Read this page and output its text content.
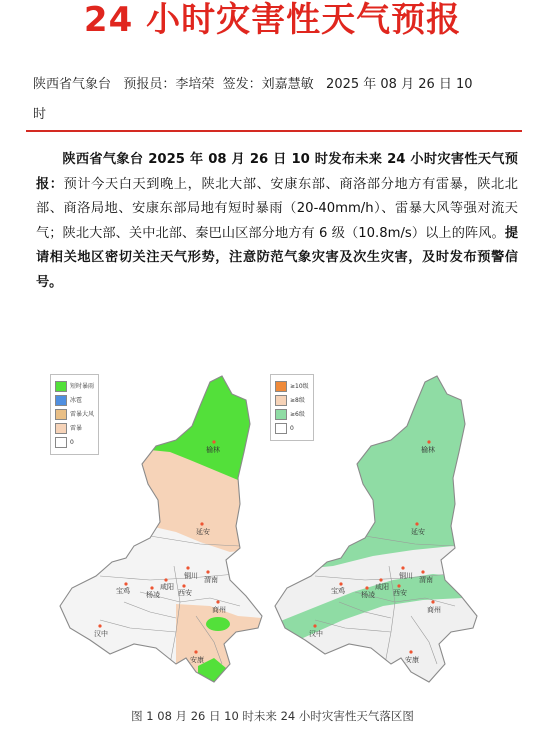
24 小时灾害性天气预报
陕西省气象台   预报员：李培荣  签发：刘嘉慧敏   2025 年 08 月 26 日 10
时
陕西省气象台 2025 年 08 月 26 日 10 时发布未来 24 小时灾害性天气预报：预计今天白天到晚上，陕北大部、安康东部、商洛部分地方有雷暴，陕北北部、商洛局地、安康东部局地有短时暴雨（20-40mm/h）、雷暴大风等强对流天气；陕北大部、关中北部、秦巴山区部分地方有 6 级（10.8m/s）以上的阵风。提请相关地区密切关注天气形势，注意防范气象灾害及次生灾害，及时发布预警信号。
榆林
延安
铜川
宝鸡	咸阳
西安
渭南
杨凌
商州
汉中
安康
榆林
延安
铜川
宝鸡	咸阳
西安
渭南
杨凌
商州
汉中
安康
短时暴雨
冰雹
雷暴大风
雷暴
0
≥10级
≥8级
≥6级
0
图 1 08 月 26 日 10 时未来 24 小时灾害性天气落区图
